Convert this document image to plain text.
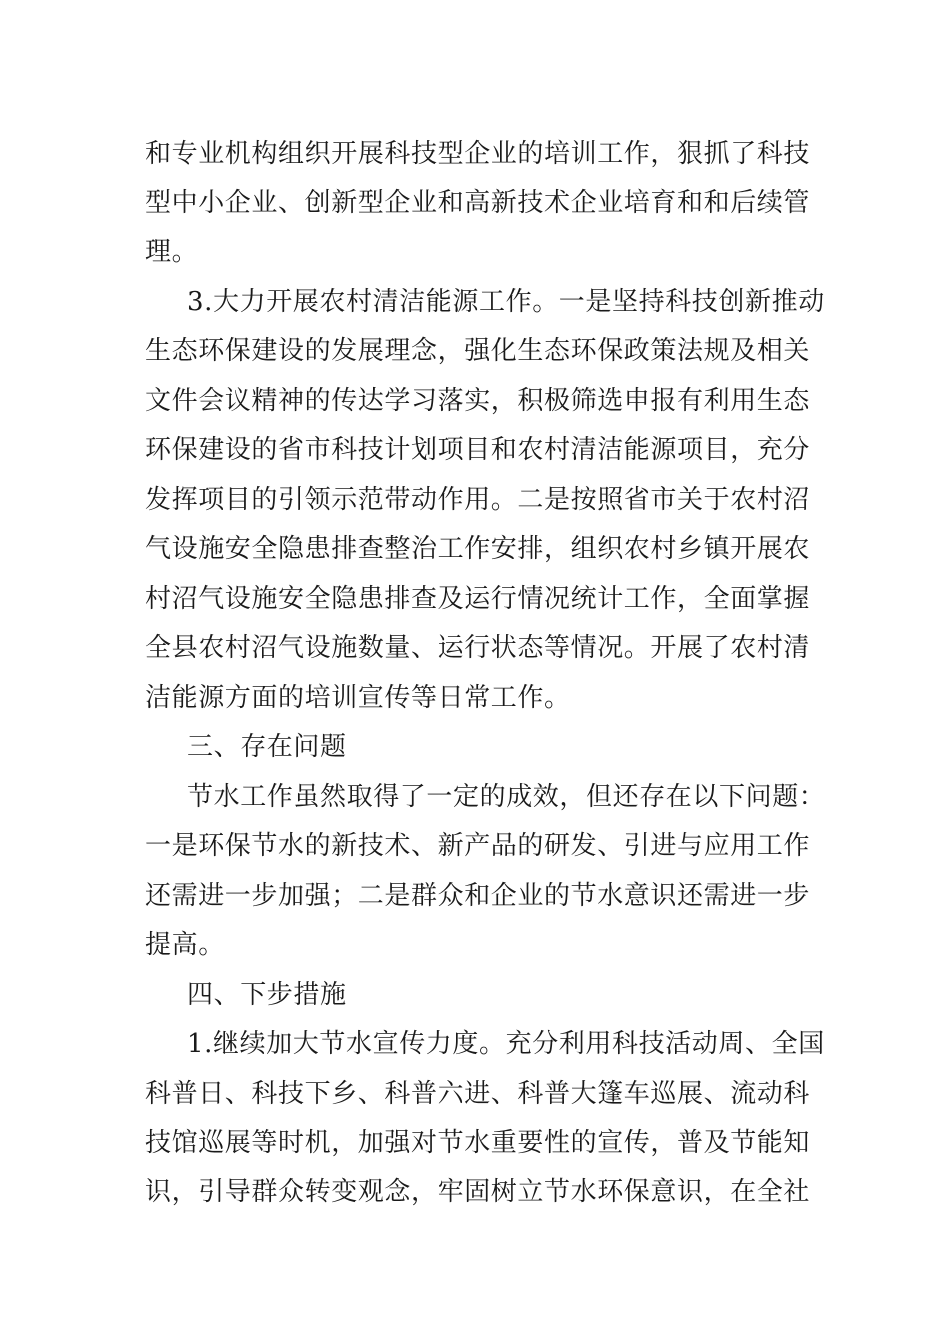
和专业机构组织开展科技型企业的培训工作，狠抓了科技
型中小企业、创新型企业和高新技术企业培育和和后续管
理。
3.大力开展农村清洁能源工作。一是坚持科技创新推动
生态环保建设的发展理念，强化生态环保政策法规及相关
文件会议精神的传达学习落实，积极筛选申报有利用生态
环保建设的省市科技计划项目和农村清洁能源项目，充分
发挥项目的引领示范带动作用。二是按照省市关于农村沼
气设施安全隐患排查整治工作安排，组织农村乡镇开展农
村沼气设施安全隐患排查及运行情况统计工作，全面掌握
全县农村沼气设施数量、运行状态等情况。开展了农村清
洁能源方面的培训宣传等日常工作。
三、存在问题
节水工作虽然取得了一定的成效，但还存在以下问题：
一是环保节水的新技术、新产品的研发、引进与应用工作
还需进一步加强；二是群众和企业的节水意识还需进一步
提高。
四、下步措施
1.继续加大节水宣传力度。充分利用科技活动周、全国
科普日、科技下乡、科普六进、科普大篷车巡展、流动科
技馆巡展等时机，加强对节水重要性的宣传，普及节能知
识，引导群众转变观念，牢固树立节水环保意识，在全社
